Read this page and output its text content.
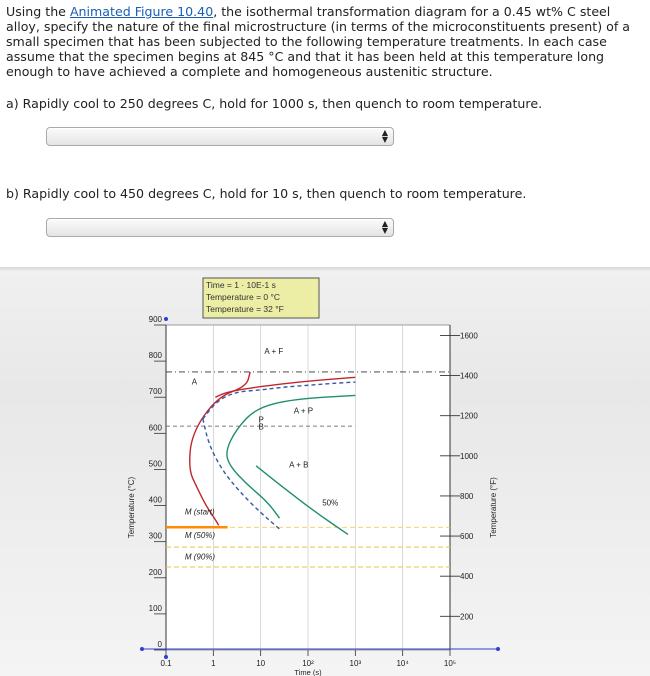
Using the Animated Figure 10.40, the isothermal transformation diagram for a 0.45 wt% C steel alloy, specify the nature of the final microstructure (in terms of the microconstituents present) of a small specimen that has been subjected to the following temperature treatments. In each case assume that the specimen begins at 845 °C and that it has been held at this temperature long enough to have achieved a complete and homogeneous austenitic structure.
a) Rapidly cool to 250 degrees C, hold for 1000 s, then quench to room temperature.
▲
▼
b) Rapidly cool to 450 degrees C, hold for 10 s, then quench to room temperature.
▲
▼
Time = 1 · 10E-1 s
Temperature = 0 °C
Temperature = 32 °F
0.1	1	10	10²	10³	10⁴	10⁵
0
100
200
300
400
500
600
700
800
900
200
400
600
800
1000
1200
1400
1600
Temperature (°C)	Temperature (°F)
Time (s)
A
A + F
A + P
P
B
A + B
50%
M (start)
M (50%)
M (90%)
